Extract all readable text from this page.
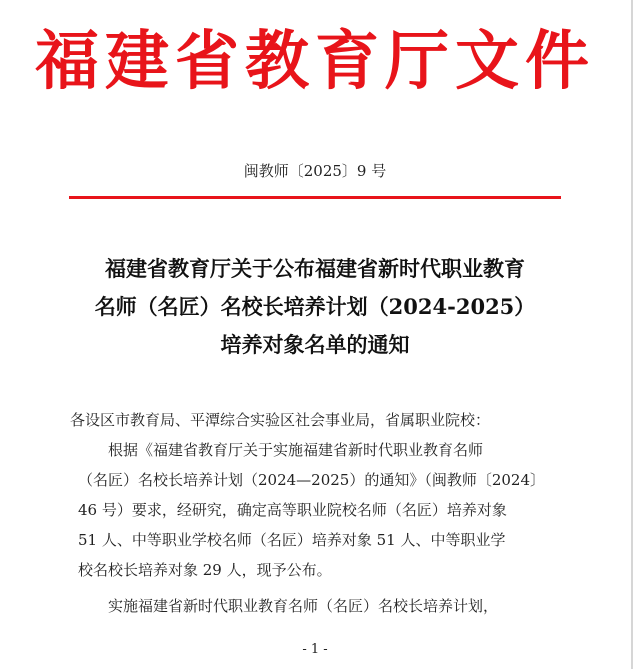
福建省教育厅文件
闽教师〔2025〕9 号
福建省教育厅关于公布福建省新时代职业教育
名师（名匠）名校长培养计划（2024-2025）
培养对象名单的通知

各设区市教育局、平潭综合实验区社会事业局，省属职业院校：

根据《福建省教育厅关于实施福建省新时代职业教育名师

（名匠）名校长培养计划（2024—2025）的通知》（闽教师〔2024〕

46 号）要求，经研究，确定高等职业院校名师（名匠）培养对象

51 人、中等职业学校名师（名匠）培养对象 51 人、中等职业学

校名校长培养对象 29 人，现予公布。

实施福建省新时代职业教育名师（名匠）名校长培养计划，

- 1 -
